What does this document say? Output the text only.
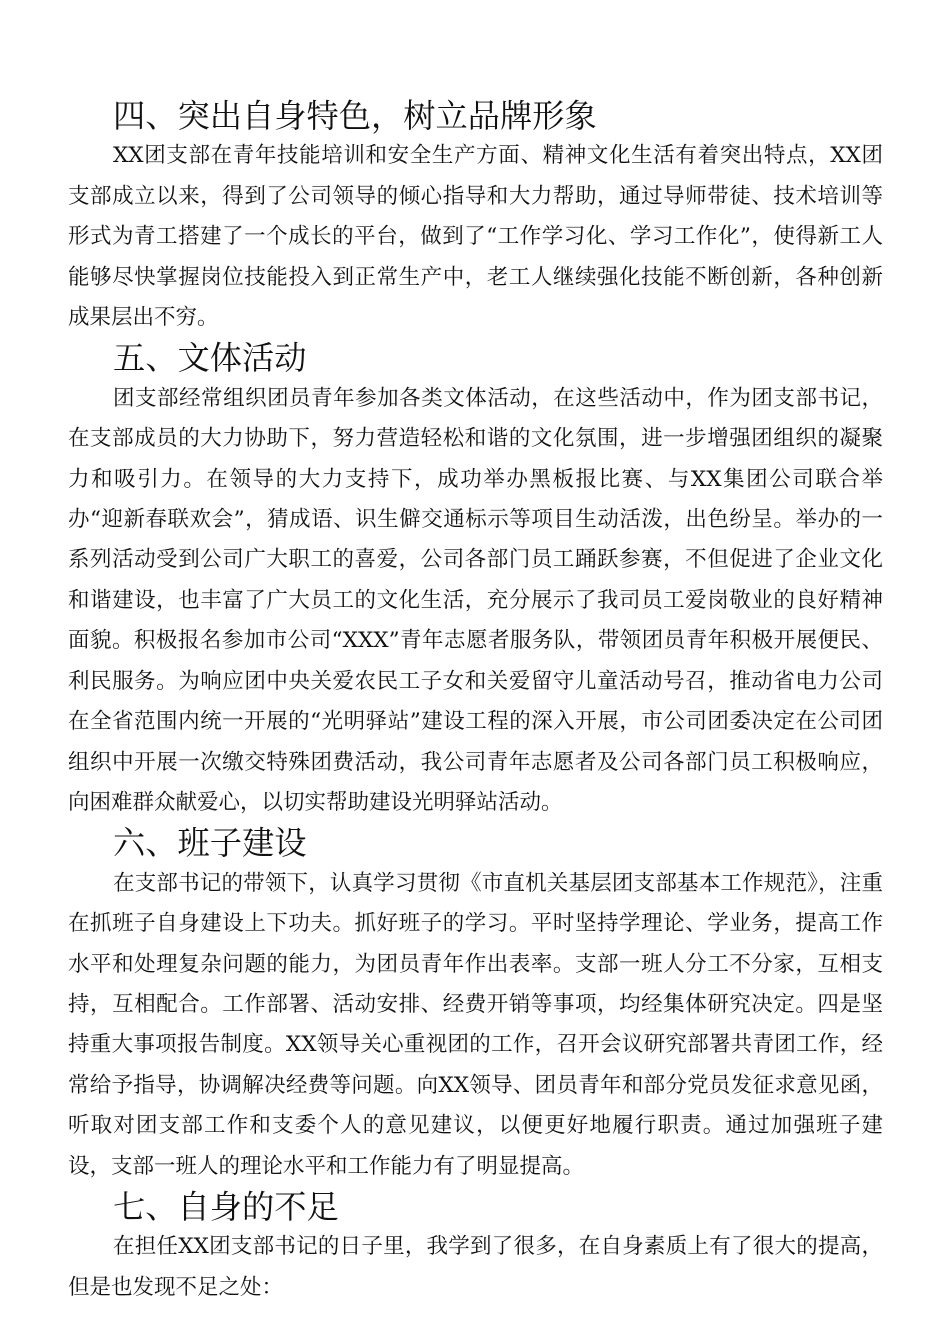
四、突出自身特色，树立品牌形象

XX团支部在青年技能培训和安全生产方面、精神文化生活有着突出特点，XX团支部成立以来，得到了公司领导的倾心指导和大力帮助，通过导师带徒、技术培训等形式为青工搭建了一个成长的平台，做到了“工作学习化、学习工作化”，使得新工人能够尽快掌握岗位技能投入到正常生产中，老工人继续强化技能不断创新，各种创新成果层出不穷。

五、文体活动

团支部经常组织团员青年参加各类文体活动，在这些活动中，作为团支部书记，在支部成员的大力协助下，努力营造轻松和谐的文化氛围，进一步增强团组织的凝聚力和吸引力。在领导的大力支持下，成功举办黑板报比赛、与XX集团公司联合举办“迎新春联欢会”，猜成语、识生僻交通标示等项目生动活泼，出色纷呈。举办的一系列活动受到公司广大职工的喜爱，公司各部门员工踊跃参赛，不但促进了企业文化和谐建设，也丰富了广大员工的文化生活，充分展示了我司员工爱岗敬业的良好精神面貌。积极报名参加市公司“XXX”青年志愿者服务队，带领团员青年积极开展便民、利民服务。为响应团中央关爱农民工子女和关爱留守儿童活动号召，推动省电力公司在全省范围内统一开展的“光明驿站”建设工程的深入开展，市公司团委决定在公司团组织中开展一次缴交特殊团费活动，我公司青年志愿者及公司各部门员工积极响应，向困难群众献爱心，以切实帮助建设光明驿站活动。

六、班子建设

在支部书记的带领下，认真学习贯彻《市直机关基层团支部基本工作规范》，注重在抓班子自身建设上下功夫。抓好班子的学习。平时坚持学理论、学业务，提高工作水平和处理复杂问题的能力，为团员青年作出表率。支部一班人分工不分家，互相支持，互相配合。工作部署、活动安排、经费开销等事项，均经集体研究决定。四是坚持重大事项报告制度。XX领导关心重视团的工作，召开会议研究部署共青团工作，经常给予指导，协调解决经费等问题。向XX领导、团员青年和部分党员发征求意见函，听取对团支部工作和支委个人的意见建议，以便更好地履行职责。通过加强班子建设，支部一班人的理论水平和工作能力有了明显提高。

七、自身的不足

在担任XX团支部书记的日子里，我学到了很多，在自身素质上有了很大的提高，但是也发现不足之处：
